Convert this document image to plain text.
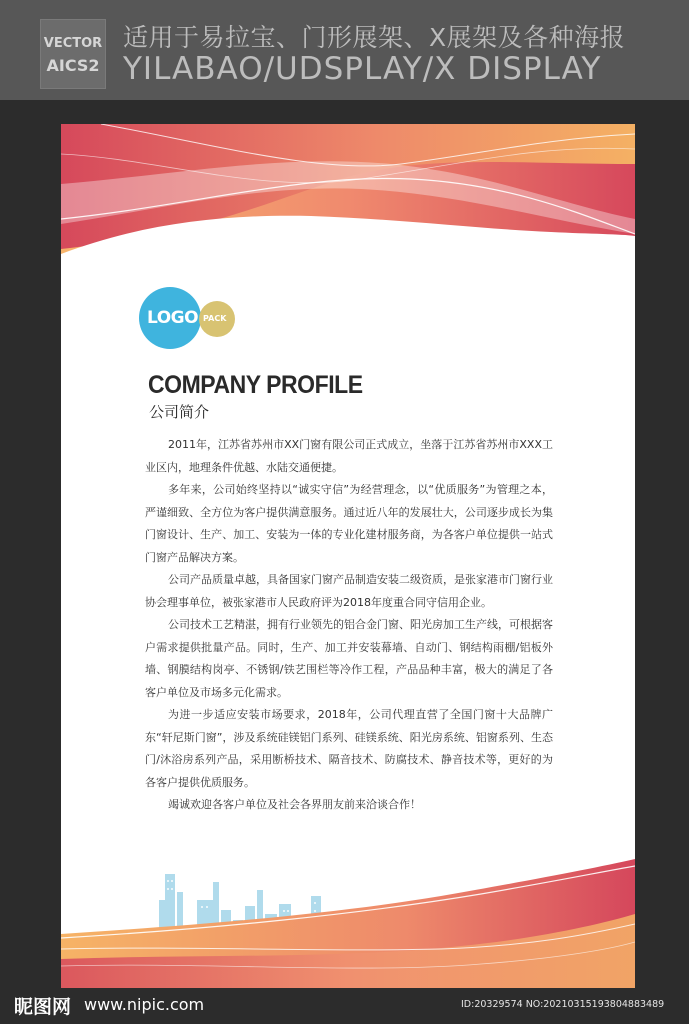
VECTOR
AICS2
适用于易拉宝、门形展架、X展架及各种海报
YILABAO/UDSPLAY/X DISPLAY
LOGO PACK
COMPANY PROFILE
公司简介

2011年，江苏省苏州市XX门窗有限公司正式成立，坐落于江苏省苏州市XXX工业区内，地理条件优越、水陆交通便捷。

多年来，公司始终坚持以“诚实守信”为经营理念，以“优质服务”为管理之本，严谨细致、全方位为客户提供满意服务。通过近八年的发展壮大，公司逐步成长为集门窗设计、生产、加工、安装为一体的专业化建材服务商，为各客户单位提供一站式门窗产品解决方案。

公司产品质量卓越，具备国家门窗产品制造安装二级资质，是张家港市门窗行业协会理事单位，被张家港市人民政府评为2018年度重合同守信用企业。

公司技术工艺精湛，拥有行业领先的铝合金门窗、阳光房加工生产线，可根据客户需求提供批量产品。同时，生产、加工并安装幕墙、自动门、钢结构雨棚/铝板外墙、钢膜结构岗亭、不锈钢/铁艺围栏等冷作工程，产品品种丰富，极大的满足了各客户单位及市场多元化需求。

为进一步适应安装市场要求，2018年，公司代理直营了全国门窗十大品牌广东“轩尼斯门窗”，涉及系统硅镁铝门系列、硅镁系统、阳光房系统、铝窗系列、生态门/沐浴房系列产品，采用断桥技术、隔音技术、防腐技术、静音技术等，更好的为各客户提供优质服务。

竭诚欢迎各客户单位及社会各界朋友前来洽谈合作！

昵图网 www.nipic.com	ID:20329574 NO:20210315193804883489
